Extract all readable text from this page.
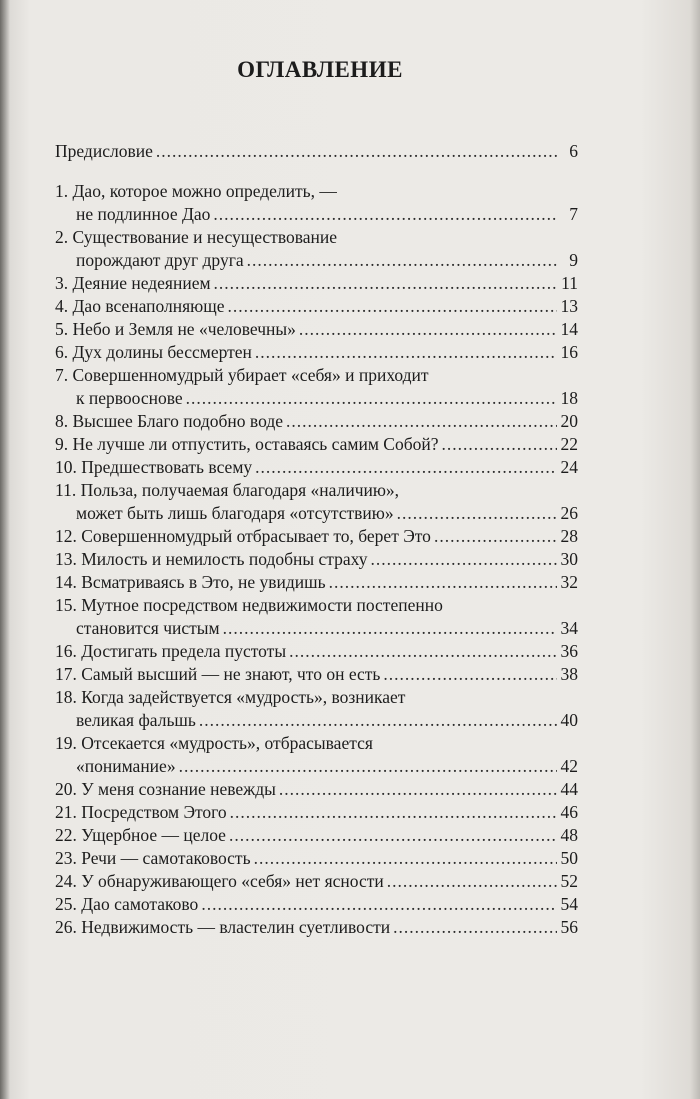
ОГЛАВЛЕНИЕ
Предисловие .....	6
1. Дао, которое можно определить, —
не подлинное Дао .....	7
2. Существование и несуществование
порождают друг друга .....	9
3. Деяние недеянием .....	11
4. Дао всенаполняюще .....	13
5. Небо и Земля не «человечны» .....	14
6. Дух долины бессмертен .....	16
7. Совершенномудрый убирает «себя» и приходит
к первооснове .....	18
8. Высшее Благо подобно воде .....	20
9. Не лучше ли отпустить, оставаясь самим Собой? .....	22
10. Предшествовать всему .....	24
11. Польза, получаемая благодаря «наличию»,
может быть лишь благодаря «отсутствию» .....	26
12. Совершенномудрый отбрасывает то, берет Это .....	28
13. Милость и немилость подобны страху .....	30
14. Всматриваясь в Это, не увидишь .....	32
15. Мутное посредством недвижимости постепенно
становится чистым .....	34
16. Достигать предела пустоты .....	36
17. Самый высший — не знают, что он есть .....	38
18. Когда задействуется «мудрость», возникает
великая фальшь .....	40
19. Отсекается «мудрость», отбрасывается
«понимание» .....	42
20. У меня сознание невежды .....	44
21. Посредством Этого .....	46
22. Ущербное — целое .....	48
23. Речи — самотаковость .....	50
24. У обнаруживающего «себя» нет ясности .....	52
25. Дао самотаково .....	54
26. Недвижимость — властелин суетливости .....	56
